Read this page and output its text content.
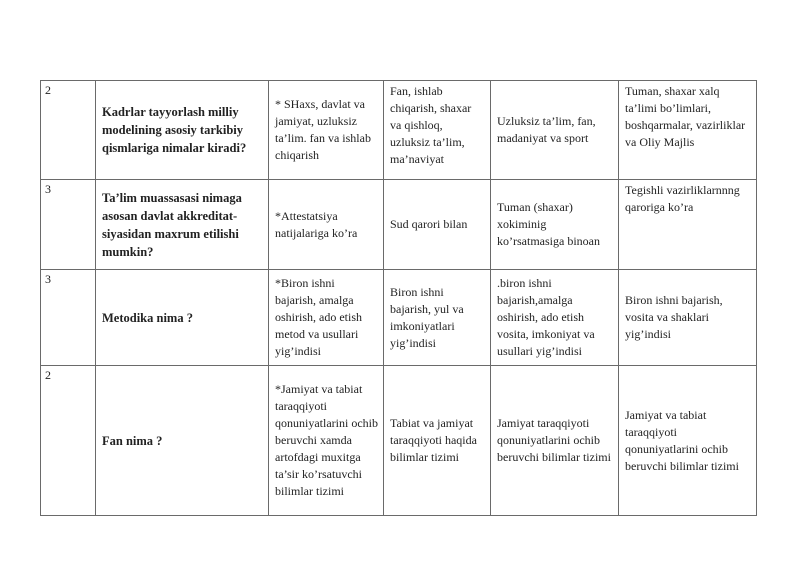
2	Kadrlar tayyorlash milliy modelining asosiy tarkibiy qismlariga nimalar kiradi?	* SHaxs, davlat va jamiyat, uzluksiz ta’lim. fan va ishlab chiqarish	Fan, ishlab chiqarish, shaxar va qishloq, uzluksiz ta’lim, ma’naviyat	Uzluksiz ta’lim, fan, madaniyat va sport	Tuman, shaxar xalq ta’limi bo’limlari, boshqarmalar, vazirliklar va Oliy Majlis
3	Ta’lim muassasasi nimaga asosan davlat akkreditat-siyasidan maxrum etilishi mumkin?	*Attestatsiya natijalariga ko’ra	Sud qarori bilan	Tuman (shaxar) xokiminig ko’rsatmasiga binoan	Tegishli vazirliklarnnng qaroriga ko’ra
3	Metodika nima ?	*Biron ishni bajarish, amalga oshirish, ado etish metod va usullari yig’indisi	Biron ishni bajarish, yul va imkoniyatlari yig’indisi	.biron ishni bajarish,amalga oshirish, ado etish vosita, imkoniyat va usullari yig’indisi	Biron ishni bajarish, vosita va shaklari yig’indisi
2	Fan nima ?	*Jamiyat va tabiat taraqqiyoti qonuniyatlarini ochib beruvchi xamda artofdagi muxitga ta’sir ko’rsatuvchi bilimlar tizimi	Tabiat va jamiyat taraqqiyoti haqida bilimlar tizimi	Jamiyat taraqqiyoti qonuniyatlarini ochib beruvchi bilimlar tizimi	Jamiyat va tabiat taraqqiyoti qonuniyatlarini ochib beruvchi bilimlar tizimi
